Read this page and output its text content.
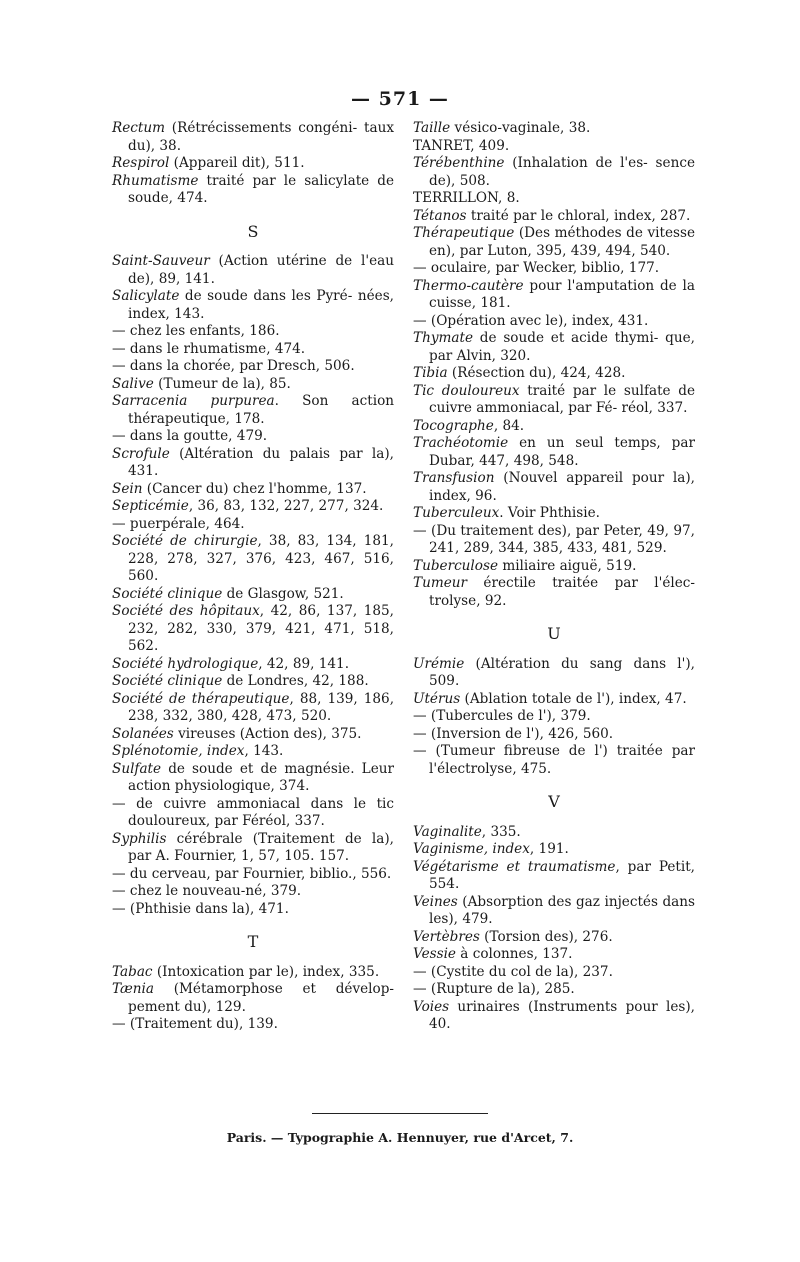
— 571 —

Rectum (Rétrécissements congéni- taux du), 38.

Respirol (Appareil dit), 511.

Rhumatisme traité par le salicylate de soude, 474.

S

Saint-Sauveur (Action utérine de l'eau de), 89, 141.

Salicylate de soude dans les Pyré- nées, index, 143.

— chez les enfants, 186.

— dans le rhumatisme, 474.

— dans la chorée, par Dresch, 506.

Salive (Tumeur de la), 85.

Sarracenia purpurea. Son action thérapeutique, 178.

— dans la goutte, 479.

Scrofule (Altération du palais par la), 431.

Sein (Cancer du) chez l'homme, 137.

Septicémie, 36, 83, 132, 227, 277, 324.

— puerpérale, 464.

Société de chirurgie, 38, 83, 134, 181, 228, 278, 327, 376, 423, 467, 516, 560.

Société clinique de Glasgow, 521.

Société des hôpitaux, 42, 86, 137, 185, 232, 282, 330, 379, 421, 471, 518, 562.

Société hydrologique, 42, 89, 141.

Société clinique de Londres, 42, 188.

Société de thérapeutique, 88, 139, 186, 238, 332, 380, 428, 473, 520.

Solanées vireuses (Action des), 375.

Splénotomie, index, 143.

Sulfate de soude et de magnésie. Leur action physiologique, 374.

— de cuivre ammoniacal dans le tic douloureux, par Féréol, 337.

Syphilis cérébrale (Traitement de la), par A. Fournier, 1, 57, 105. 157.

— du cerveau, par Fournier, biblio., 556.

— chez le nouveau-né, 379.

— (Phthisie dans la), 471.

T

Tabac (Intoxication par le), index, 335.

Tænia (Métamorphose et dévelop- pement du), 129.

— (Traitement du), 139.

Taille vésico-vaginale, 38.

TANRET, 409.

Térébenthine (Inhalation de l'es- sence de), 508.

TERRILLON, 8.

Tétanos traité par le chloral, index, 287.

Thérapeutique (Des méthodes de vitesse en), par Luton, 395, 439, 494, 540.

— oculaire, par Wecker, biblio, 177.

Thermo-cautère pour l'amputation de la cuisse, 181.

— (Opération avec le), index, 431.

Thymate de soude et acide thymi- que, par Alvin, 320.

Tibia (Résection du), 424, 428.

Tic douloureux traité par le sulfate de cuivre ammoniacal, par Fé- réol, 337.

Tocographe, 84.

Trachéotomie en un seul temps, par Dubar, 447, 498, 548.

Transfusion (Nouvel appareil pour la), index, 96.

Tuberculeux. Voir Phthisie.

— (Du traitement des), par Peter, 49, 97, 241, 289, 344, 385, 433, 481, 529.

Tuberculose miliaire aiguë, 519.

Tumeur érectile traitée par l'élec- trolyse, 92.

U

Urémie (Altération du sang dans l'), 509.

Utérus (Ablation totale de l'), index, 47.

— (Tubercules de l'), 379.

— (Inversion de l'), 426, 560.

— (Tumeur fibreuse de l') traitée par l'électrolyse, 475.

V

Vaginalite, 335.

Vaginisme, index, 191.

Végétarisme et traumatisme, par Petit, 554.

Veines (Absorption des gaz injectés dans les), 479.

Vertèbres (Torsion des), 276.

Vessie à colonnes, 137.

— (Cystite du col de la), 237.

— (Rupture de la), 285.

Voies urinaires (Instruments pour les), 40.

Paris. — Typographie A. Hennuyer, rue d'Arcet, 7.
